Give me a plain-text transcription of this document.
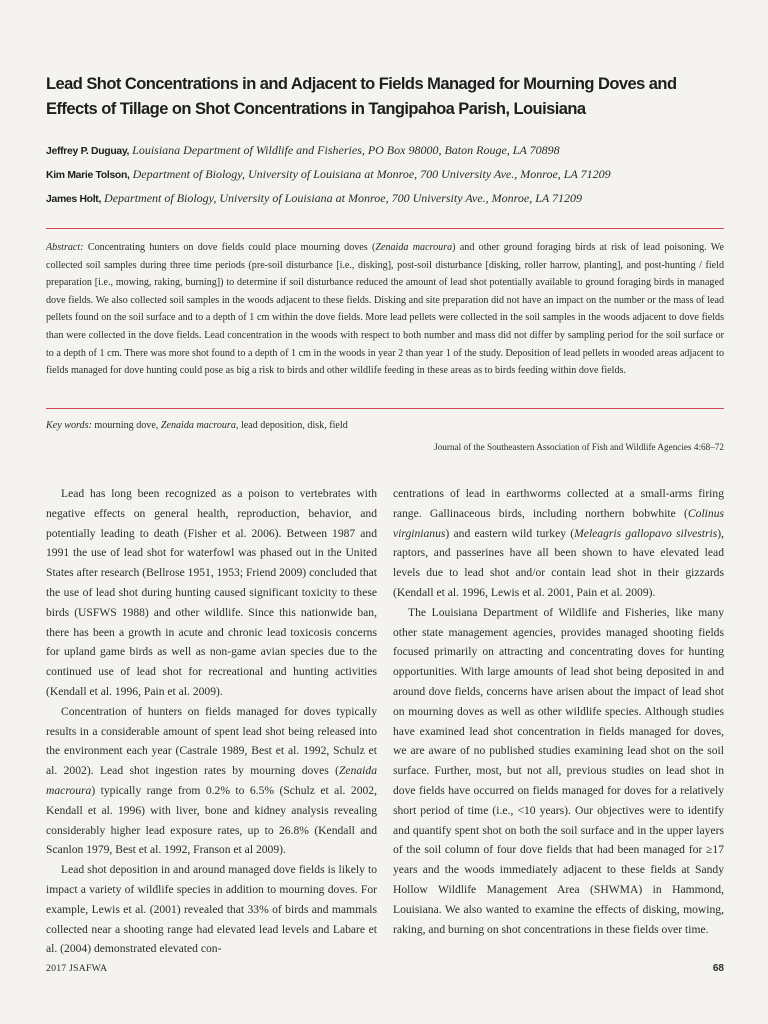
Lead Shot Concentrations in and Adjacent to Fields Managed for Mourning Doves and
Effects of Tillage on Shot Concentrations in Tangipahoa Parish, Louisiana
Jeffrey P. Duguay, Louisiana Department of Wildlife and Fisheries, PO Box 98000, Baton Rouge, LA 70898
Kim Marie Tolson, Department of Biology, University of Louisiana at Monroe, 700 University Ave., Monroe, LA 71209
James Holt, Department of Biology, University of Louisiana at Monroe, 700 University Ave., Monroe, LA 71209

Abstract: Concentrating hunters on dove fields could place mourning doves (Zenaida macroura) and other ground foraging birds at risk of lead poisoning. We collected soil samples during three time periods (pre-soil disturbance [i.e., disking], post-soil disturbance [disking, roller harrow, planting], and post-hunting / field preparation [i.e., mowing, raking, burning]) to determine if soil disturbance reduced the amount of lead shot potentially available to ground foraging birds in managed dove fields. We also collected soil samples in the woods adjacent to these fields. Disking and site preparation did not have an impact on the number or the mass of lead pellets found on the soil surface and to a depth of 1 cm within the dove fields. More lead pellets were collected in the soil samples in the woods adjacent to dove fields than were collected in the dove fields. Lead concentration in the woods with respect to both number and mass did not differ by sampling period for the soil surface or to a depth of 1 cm. There was more shot found to a depth of 1 cm in the woods in year 2 than year 1 of the study. Deposition of lead pellets in wooded areas adjacent to fields managed for dove hunting could pose as big a risk to birds and other wildlife feeding in these areas as to birds feeding within dove fields.

Key words: mourning dove, Zenaida macroura, lead deposition, disk, field
Journal of the Southeastern Association of Fish and Wildlife Agencies 4:68–72

Lead has long been recognized as a poison to vertebrates with negative effects on general health, reproduction, behavior, and potentially leading to death (Fisher et al. 2006). Between 1987 and 1991 the use of lead shot for waterfowl was phased out in the United States after research (Bellrose 1951, 1953; Friend 2009) concluded that the use of lead shot during hunting caused significant toxicity to these birds (USFWS 1988) and other wildlife. Since this nationwide ban, there has been a growth in acute and chronic lead toxicosis concerns for upland game birds as well as non-game avian species due to the continued use of lead shot for recreational and hunting activities (Kendall et al. 1996, Pain et al. 2009).

Concentration of hunters on fields managed for doves typically results in a considerable amount of spent lead shot being released into the environment each year (Castrale 1989, Best et al. 1992, Schulz et al. 2002). Lead shot ingestion rates by mourning doves (Zenaida macroura) typically range from 0.2% to 6.5% (Schulz et al. 2002, Kendall et al. 1996) with liver, bone and kidney analysis revealing considerably higher lead exposure rates, up to 26.8% (Kendall and Scanlon 1979, Best et al. 1992, Franson et al 2009).

Lead shot deposition in and around managed dove fields is likely to impact a variety of wildlife species in addition to mourning doves. For example, Lewis et al. (2001) revealed that 33% of birds and mammals collected near a shooting range had elevated lead levels and Labare et al. (2004) demonstrated elevated con-

centrations of lead in earthworms collected at a small-arms firing range. Gallinaceous birds, including northern bobwhite (Colinus virginianus) and eastern wild turkey (Meleagris gallopavo silvestris), raptors, and passerines have all been shown to have elevated lead levels due to lead shot and/or contain lead shot in their gizzards (Kendall et al. 1996, Lewis et al. 2001, Pain et al. 2009).

The Louisiana Department of Wildlife and Fisheries, like many other state management agencies, provides managed shooting fields focused primarily on attracting and concentrating doves for hunting opportunities. With large amounts of lead shot being deposited in and around dove fields, concerns have arisen about the impact of lead shot on mourning doves as well as other wildlife species. Although studies have examined lead shot concentration in fields managed for doves, we are aware of no published studies examining lead shot on the soil surface. Further, most, but not all, previous studies on lead shot in dove fields have occurred on fields managed for doves for a relatively short period of time (i.e., <10 years). Our objectives were to identify and quantify spent shot on both the soil surface and in the upper layers of the soil column of four dove fields that had been managed for ≥17 years and the woods immediately adjacent to these fields at Sandy Hollow Wildlife Management Area (SHWMA) in Hammond, Louisiana. We also wanted to examine the effects of disking, mowing, raking, and burning on shot concentrations in these fields over time.

2017 JSAFWA	68
